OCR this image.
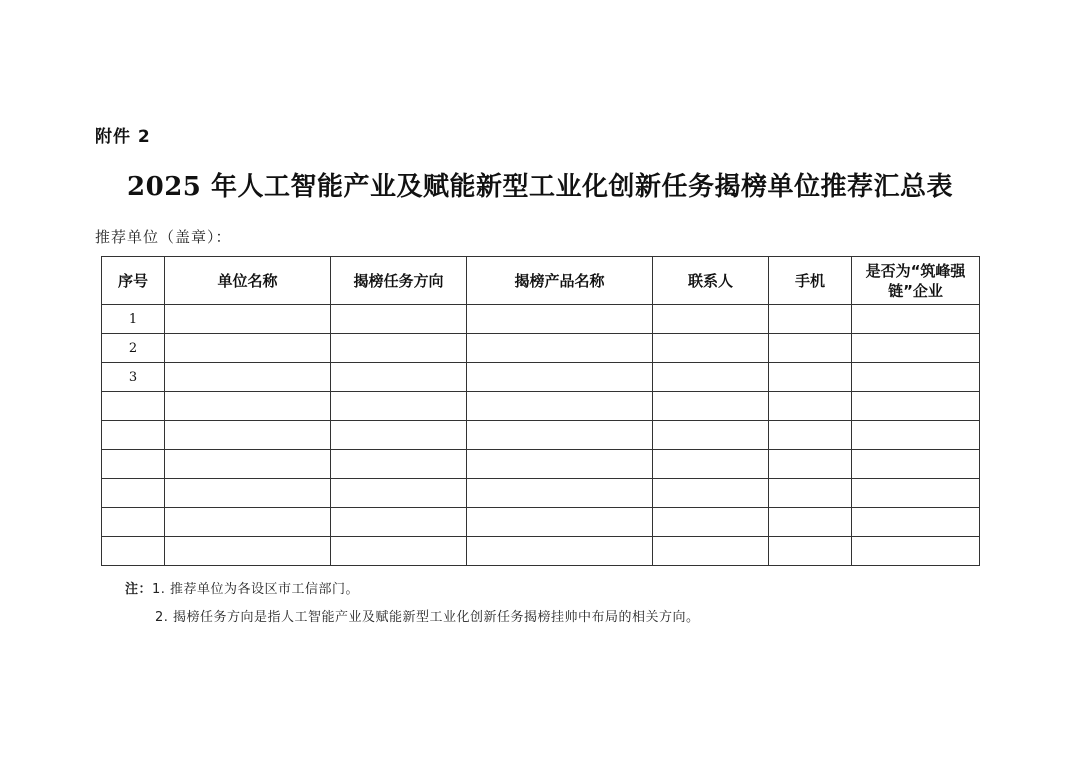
附件 2
2025 年人工智能产业及赋能新型工业化创新任务揭榜单位推荐汇总表
推荐单位（盖章）：
序号	单位名称	揭榜任务方向	揭榜产品名称	联系人	手机	是否为“筑峰强链”企业
1						
2						
3						

注：1. 推荐单位为各设区市工信部门。
2. 揭榜任务方向是指人工智能产业及赋能新型工业化创新任务揭榜挂帅中布局的相关方向。
